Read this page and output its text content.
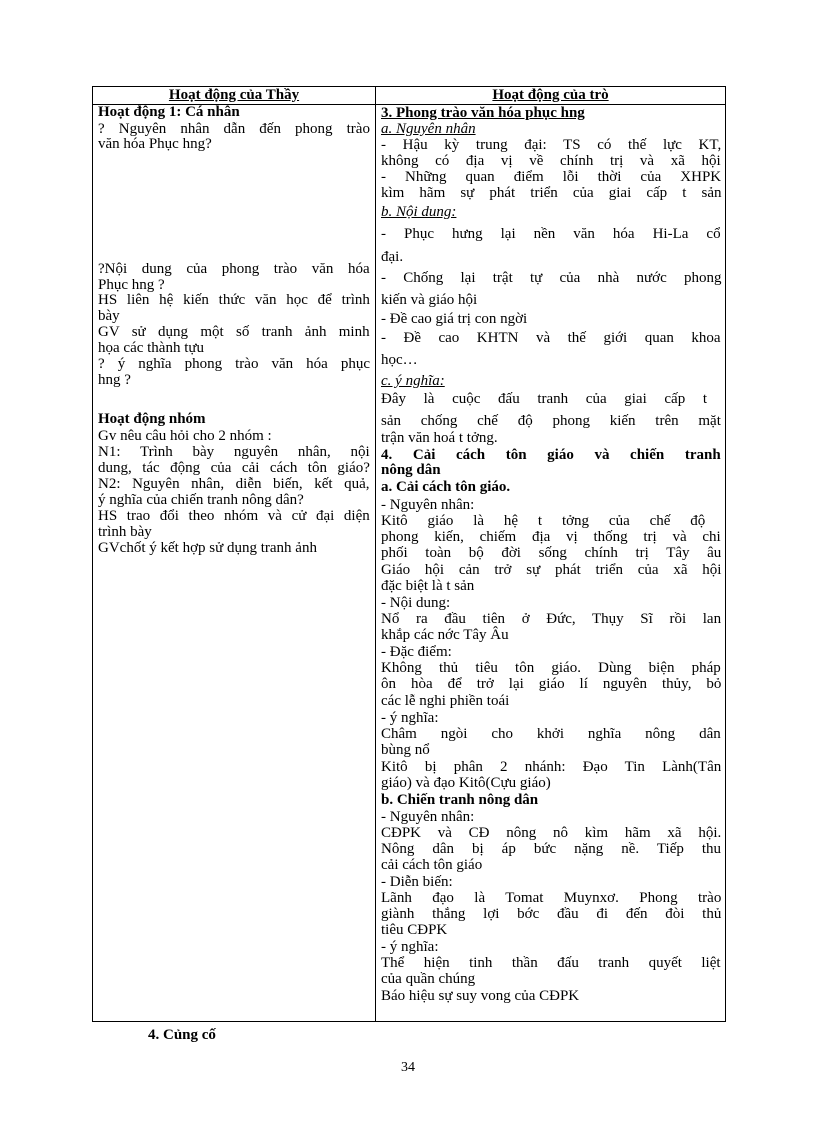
Hoạt động của Thầy	Hoạt động của trò
Hoạt động 1: Cá nhân
? Nguyên nhân dẫn đến phong trào
văn hóa Phục hng?
?Nội dung của phong trào văn hóa
Phục hng ?
HS liên hệ kiến thức văn học để trình
bày
GV sử dụng một số tranh ảnh minh
họa các thành tựu
? ý nghĩa phong trào văn hóa phục
hng ?
Hoạt động nhóm
Gv nêu câu hỏi cho 2 nhóm :
N1: Trình bày nguyên nhân, nội
dung, tác động của cải cách tôn giáo?
N2: Nguyên nhân, diễn biến, kết quả,
ý nghĩa của chiến tranh nông dân?
HS trao đổi theo nhóm và cử đại diện
trình bày
GVchốt ý kết hợp sử dụng tranh ảnh
3. Phong trào văn hóa phục hng
a. Nguyên nhân
- Hậu kỳ trung đại: TS có thế lực KT,
không có địa vị về chính trị và xã hội
- Những quan điểm lỗi thời của XHPK
kìm hãm sự phát triển của giai cấp t sản
b. Nội dung:
- Phục hưng lại nền văn hóa Hi-La cổ
đại.
- Chống lại trật tự của nhà nước phong
kiến và giáo hội
- Đề cao giá trị con ngời
- Đề cao KHTN và thế giới quan khoa
học…
c. ý nghĩa:
Đây là cuộc đấu tranh của giai cấp t
sản chống chế độ phong kiến trên mặt
trận văn hoá t tởng.
4. Cải cách tôn giáo và chiến tranh
nông dân
a. Cải cách tôn giáo.
- Nguyên nhân:
Kitô giáo là hệ t tởng của chế độ
phong kiến, chiếm địa vị thống trị và chi
phối toàn bộ đời sống chính trị Tây âu
Giáo hội cản trở sự phát triển của xã hội
đặc biệt là t sản
- Nội dung:
Nổ ra đầu tiên ở Đức, Thụy Sĩ rồi lan
khắp các nớc Tây Âu
- Đặc điểm:
Không thủ tiêu tôn giáo. Dùng biện pháp
ôn hòa để trở lại giáo lí nguyên thủy, bỏ
các lễ nghi phiền toái
- ý nghĩa:
Châm ngòi cho khởi nghĩa nông dân
bùng nổ
Kitô bị phân 2 nhánh: Đạo Tin Lành(Tân
giáo) và đạo Kitô(Cựu giáo)
b. Chiến tranh nông dân
- Nguyên nhân:
CĐPK và CĐ nông nô kìm hãm xã hội.
Nông dân bị áp bức nặng nề. Tiếp thu
cải cách tôn giáo
- Diễn biến:
Lãnh đạo là Tomat Muynxơ. Phong trào
giành thắng lợi bớc đầu đi đến đòi thủ
tiêu CĐPK
- ý nghĩa:
Thể hiện tinh thần đấu tranh quyết liệt
của quần chúng
Báo hiệu sự suy vong của CĐPK
4. Củng cố
34
